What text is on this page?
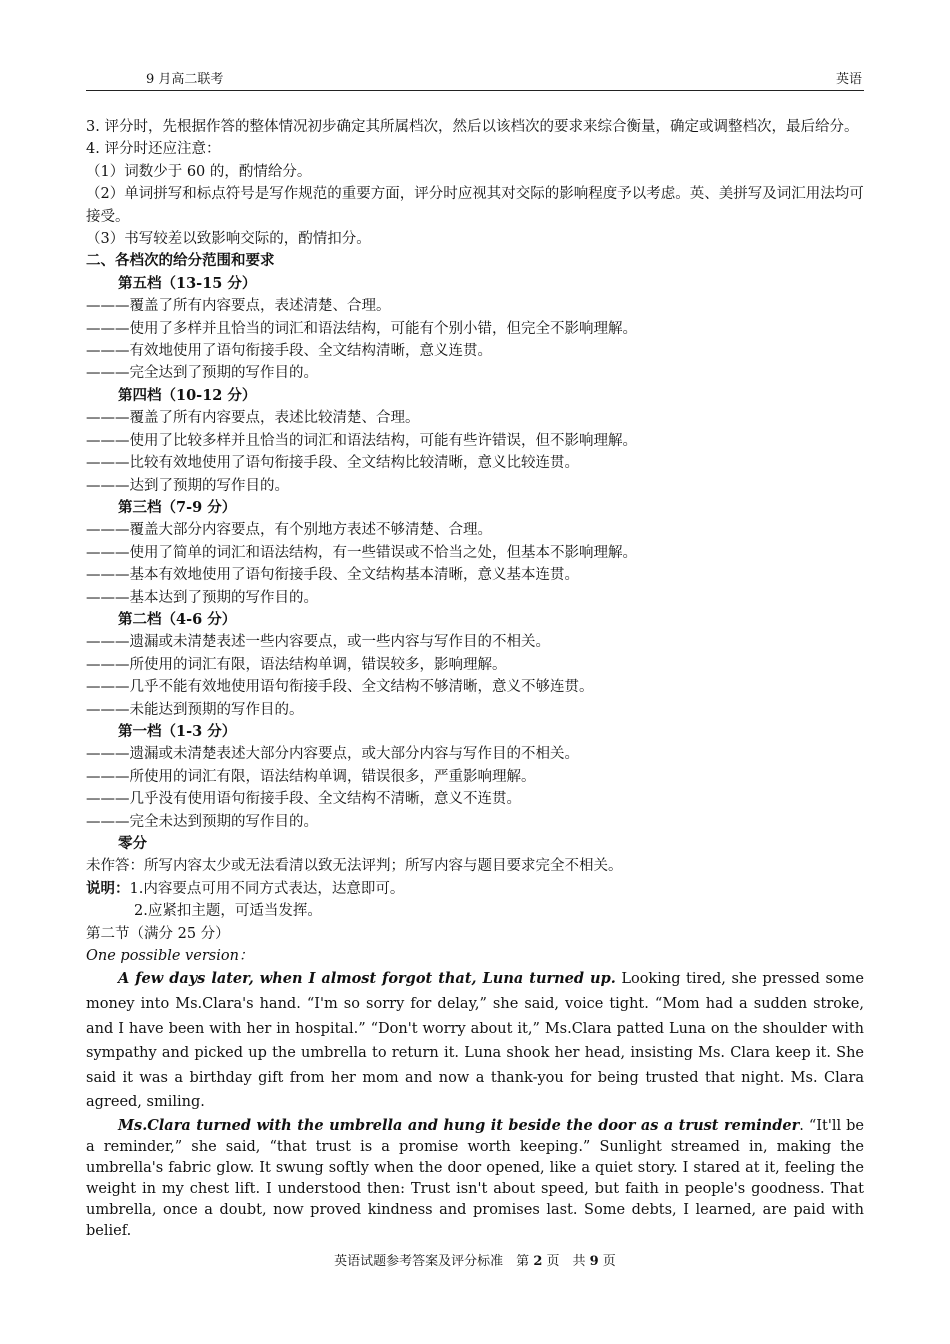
9 月高二联考	英语
3. 评分时，先根据作答的整体情况初步确定其所属档次，然后以该档次的要求来综合衡量，确定或调整档次，最后给分。
4. 评分时还应注意：
（1）词数少于 60 的，酌情给分。
（2）单词拼写和标点符号是写作规范的重要方面，评分时应视其对交际的影响程度予以考虑。英、美拼写及词汇用法均可接受。
（3）书写较差以致影响交际的，酌情扣分。
二、各档次的给分范围和要求
第五档（13-15 分）
———覆盖了所有内容要点，表述清楚、合理。
———使用了多样并且恰当的词汇和语法结构，可能有个别小错，但完全不影响理解。
———有效地使用了语句衔接手段、全文结构清晰，意义连贯。
———完全达到了预期的写作目的。
第四档（10-12 分）
———覆盖了所有内容要点，表述比较清楚、合理。
———使用了比较多样并且恰当的词汇和语法结构，可能有些许错误，但不影响理解。
———比较有效地使用了语句衔接手段、全文结构比较清晰，意义比较连贯。
———达到了预期的写作目的。
第三档（7-9 分）
———覆盖大部分内容要点，有个别地方表述不够清楚、合理。
———使用了简单的词汇和语法结构，有一些错误或不恰当之处，但基本不影响理解。
———基本有效地使用了语句衔接手段、全文结构基本清晰，意义基本连贯。
———基本达到了预期的写作目的。
第二档（4-6 分）
———遗漏或未清楚表述一些内容要点，或一些内容与写作目的不相关。
———所使用的词汇有限，语法结构单调，错误较多，影响理解。
———几乎不能有效地使用语句衔接手段、全文结构不够清晰，意义不够连贯。
———未能达到预期的写作目的。
第一档（1-3 分）
———遗漏或未清楚表述大部分内容要点，或大部分内容与写作目的不相关。
———所使用的词汇有限，语法结构单调，错误很多，严重影响理解。
———几乎没有使用语句衔接手段、全文结构不清晰，意义不连贯。
———完全未达到预期的写作目的。
零分
未作答：所写内容太少或无法看清以致无法评判；所写内容与题目要求完全不相关。
说明：1.内容要点可用不同方式表达，达意即可。
2.应紧扣主题，可适当发挥。
第二节（满分 25 分）
One possible version：

A few days later, when I almost forgot that, Luna turned up. Looking tired, she pressed some money into Ms.Clara's hand. “I'm so sorry for delay,” she said, voice tight. “Mom had a sudden stroke, and I have been with her in hospital.” “Don't worry about it,” Ms.Clara patted Luna on the shoulder with sympathy and picked up the umbrella to return it. Luna shook her head, insisting Ms. Clara keep it. She said it was a birthday gift from her mom and now a thank-you for being trusted that night. Ms. Clara agreed, smiling.

Ms.Clara turned with the umbrella and hung it beside the door as a trust reminder. “It'll be a reminder,” she said, “that trust is a promise worth keeping.” Sunlight streamed in, making the umbrella's fabric glow. It swung softly when the door opened, like a quiet story. I stared at it, feeling the weight in my chest lift. I understood then: Trust isn't about speed, but faith in people's goodness. That umbrella, once a doubt, now proved kindness and promises last. Some debts, I learned, are paid with belief.

英语试题参考答案及评分标准　第 2 页　共 9 页
